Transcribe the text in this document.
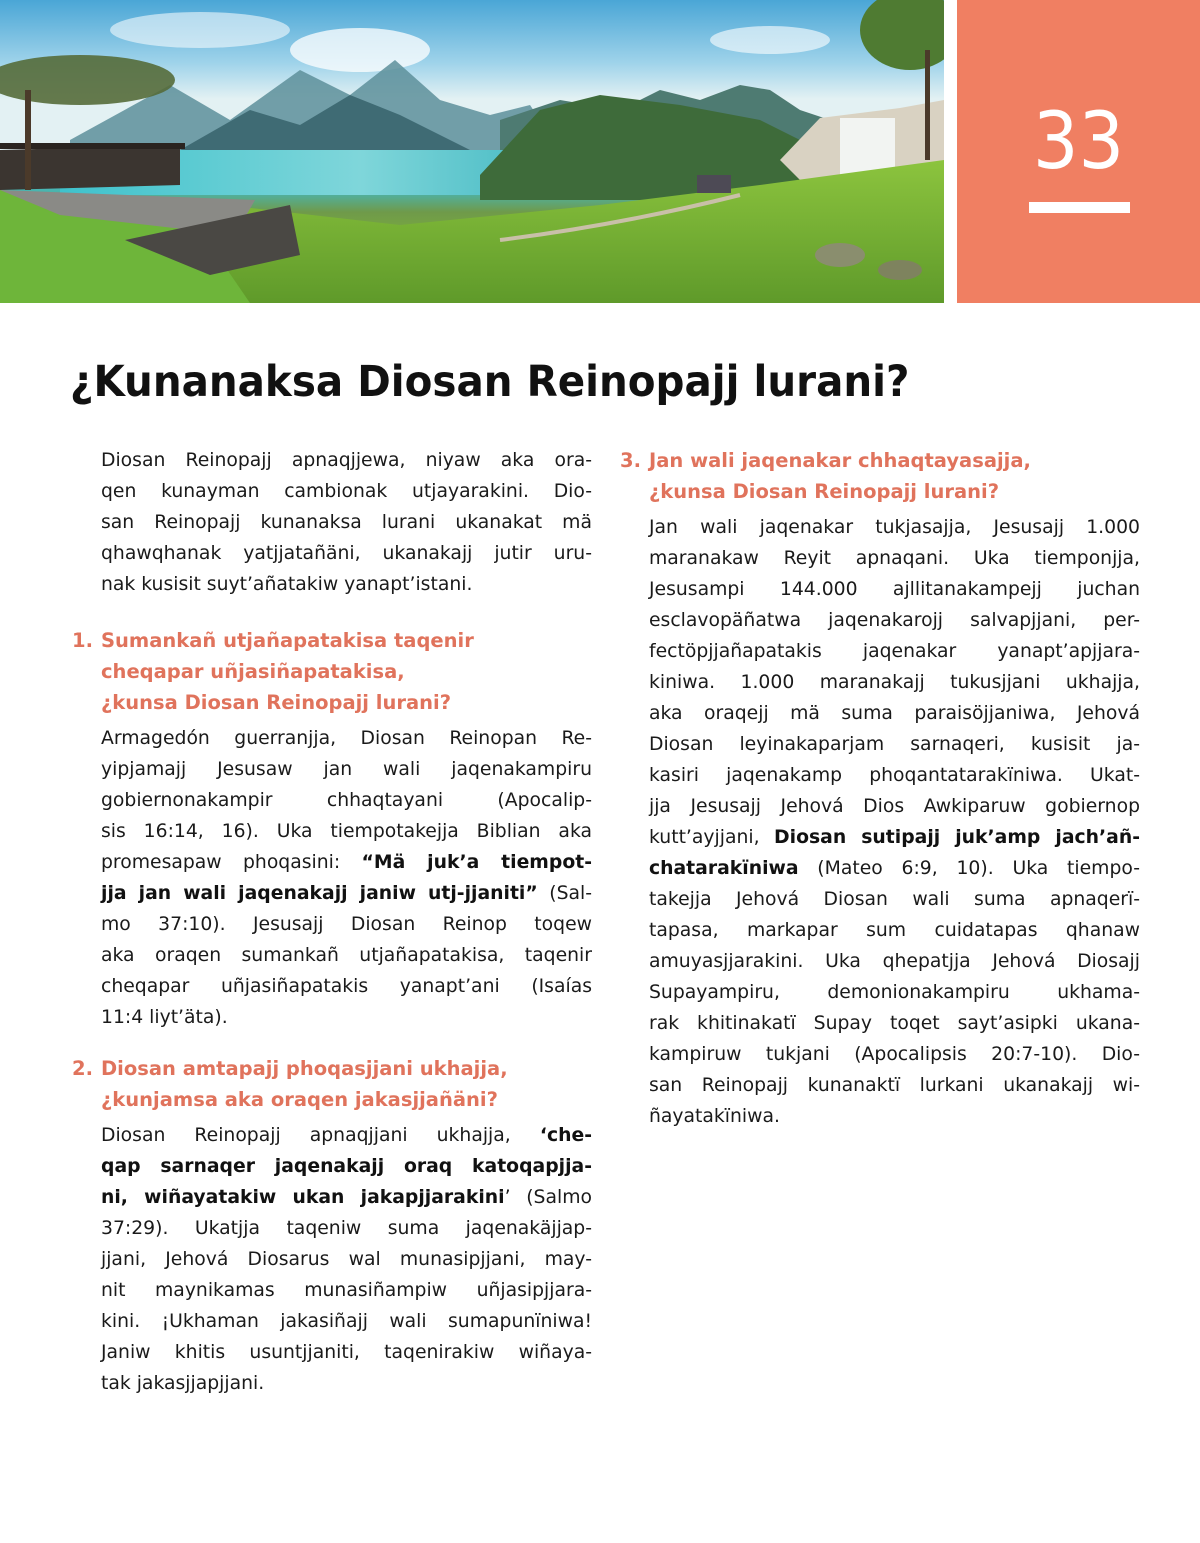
33
¿Kunanaksa Diosan Reinopajj lurani?
Diosan Reinopajj apnaqjjewa, niyaw aka ora-
qen kunayman cambionak utjayarakini. Dio-
san Reinopajj kunanaksa lurani ukanakat mä
qhawqhanak yatjjatañäni, ukanakajj jutir uru-
nak kusisit suyt’añatakiw yanapt’istani.
1. Sumankañ utjañapatakisa taqenir
cheqapar uñjasiñapatakisa,
¿kunsa Diosan Reinopajj lurani?
Armagedón guerranjja, Diosan Reinopan Re-
yipjamajj Jesusaw jan wali jaqenakampiru
gobiernonakampir chhaqtayani (Apocalip-
sis 16:14, 16). Uka tiempotakejja Biblian aka
promesapaw phoqasini: “Mä juk’a tiempot-
jja jan wali jaqenakajj janiw utj-jjaniti” (Sal-
mo 37:10). Jesusajj Diosan Reinop toqew
aka oraqen sumankañ utjañapatakisa, taqenir
cheqapar uñjasiñapatakis yanapt’ani (Isaías
11:4 liyt’äta).
2. Diosan amtapajj phoqasjjani ukhajja,
¿kunjamsa aka oraqen jakasjjañäni?
Diosan Reinopajj apnaqjjani ukhajja, ‘che-
qap sarnaqer jaqenakajj oraq katoqapjja-
ni, wiñayatakiw ukan jakapjjarakini’ (Salmo
37:29). Ukatjja taqeniw suma jaqenakäjjap-
jjani, Jehová Diosarus wal munasipjjani, may-
nit maynikamas munasiñampiw uñjasipjjara-
kini. ¡Ukhaman jakasiñajj wali sumapunïniwa!
Janiw khitis usuntjjaniti, taqenirakiw wiñaya-
tak jakasjjapjjani.
3. Jan wali jaqenakar chhaqtayasajja,
¿kunsa Diosan Reinopajj lurani?
Jan wali jaqenakar tukjasajja, Jesusajj 1.000
maranakaw Reyit apnaqani. Uka tiemponjja,
Jesusampi 144.000 ajllitanakampejj juchan
esclavopäñatwa jaqenakarojj salvapjjani, per-
fectöpjjañapatakis jaqenakar yanapt’apjjara-
kiniwa. 1.000 maranakajj tukusjjani ukhajja,
aka oraqejj mä suma paraisöjjaniwa, Jehová
Diosan leyinakaparjam sarnaqeri, kusisit ja-
kasiri jaqenakamp phoqantatarakïniwa. Ukat-
jja Jesusajj Jehová Dios Awkiparuw gobiernop
kutt’ayjjani, Diosan sutipajj juk’amp jach’añ-
chatarakïniwa (Mateo 6:9, 10). Uka tiempo-
takejja Jehová Diosan wali suma apnaqerï-
tapasa, markapar sum cuidatapas qhanaw
amuyasjjarakini. Uka qhepatjja Jehová Diosajj
Supayampiru, demonionakampiru ukhama-
rak khitinakatï Supay toqet sayt’asipki ukana-
kampiruw tukjani (Apocalipsis 20:7-10). Dio-
san Reinopajj kunanaktï lurkani ukanakajj wi-
ñayatakïniwa.
